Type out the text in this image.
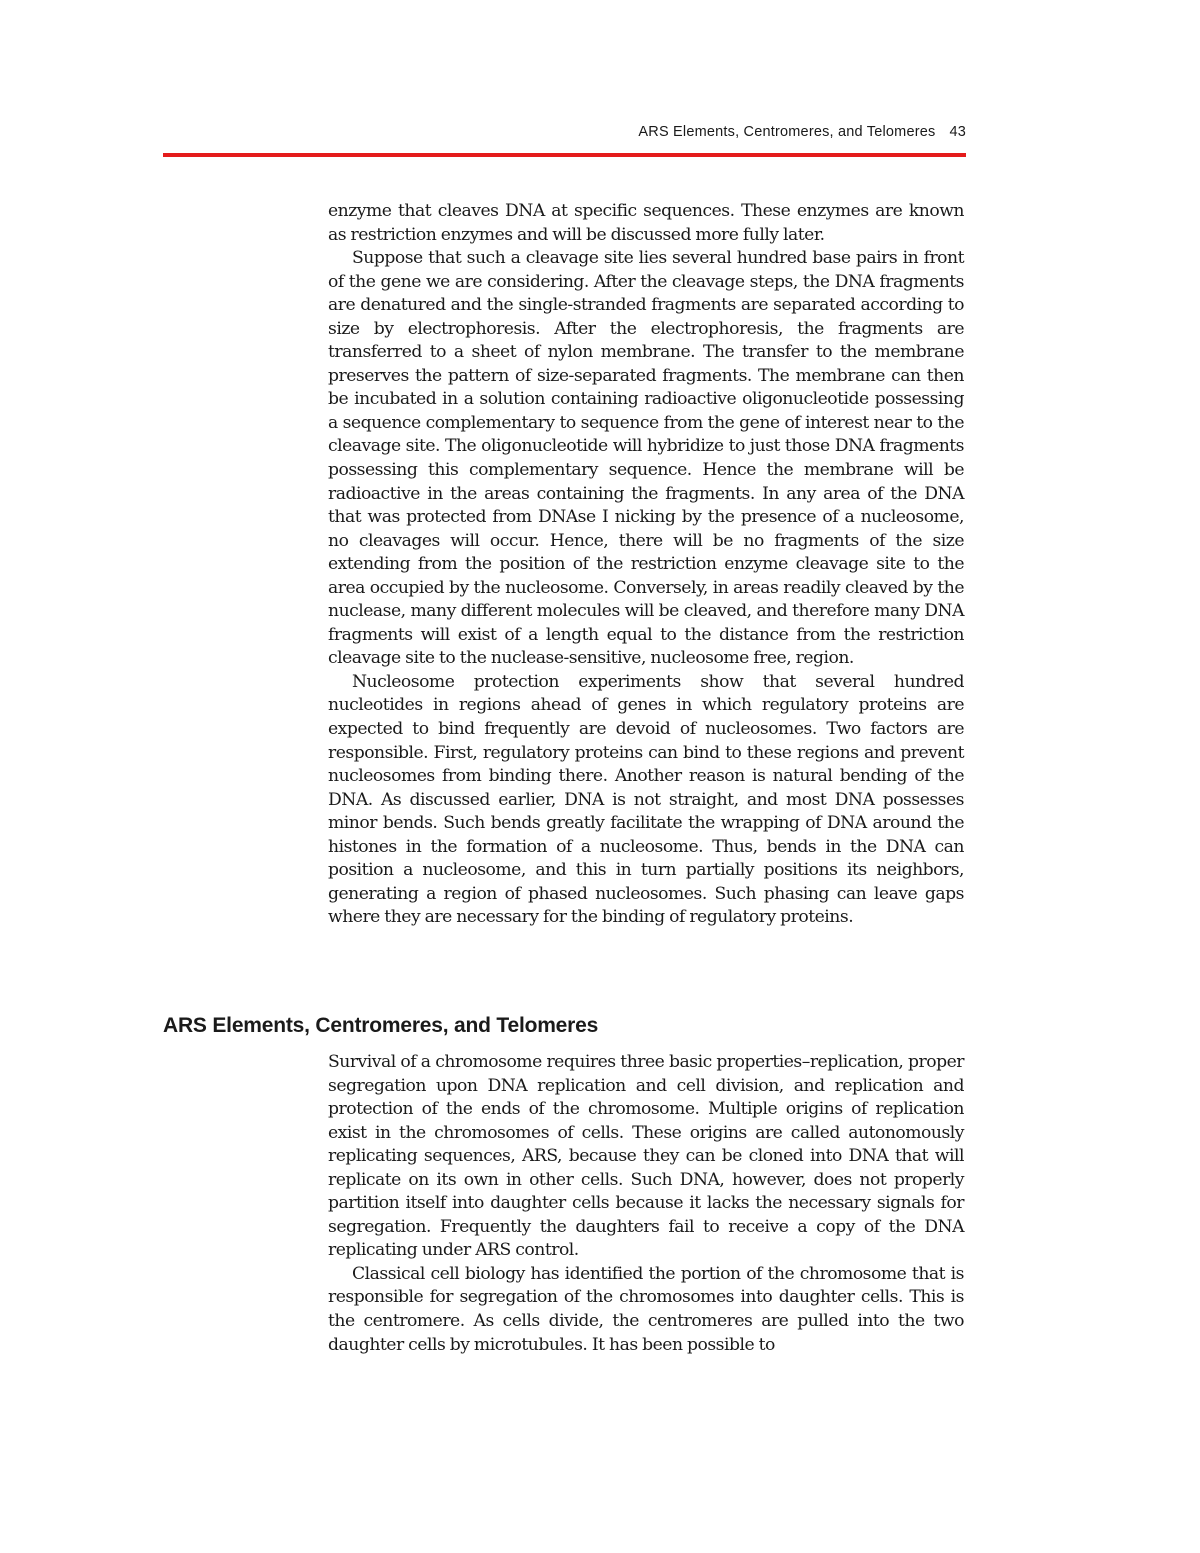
ARS Elements, Centromeres, and Telomeres 43

enzyme that cleaves DNA at specific sequences. These enzymes are known as restriction enzymes and will be discussed more fully later.

Suppose that such a cleavage site lies several hundred base pairs in front of the gene we are considering. After the cleavage steps, the DNA fragments are denatured and the single-stranded fragments are separated according to size by electrophoresis. After the electrophoresis, the fragments are transferred to a sheet of nylon membrane. The transfer to the membrane preserves the pattern of size-separated fragments. The membrane can then be incubated in a solution containing radioactive oligonucleotide possessing a sequence complementary to sequence from the gene of interest near to the cleavage site. The oligonucleotide will hybridize to just those DNA fragments possessing this complementary sequence. Hence the membrane will be radioactive in the areas containing the fragments. In any area of the DNA that was protected from DNAse I nicking by the presence of a nucleosome, no cleavages will occur. Hence, there will be no fragments of the size extending from the position of the restriction enzyme cleavage site to the area occupied by the nucleosome. Conversely, in areas readily cleaved by the nuclease, many different molecules will be cleaved, and therefore many DNA fragments will exist of a length equal to the distance from the restriction cleavage site to the nuclease-sensitive, nucleosome free, region.

Nucleosome protection experiments show that several hundred nucleotides in regions ahead of genes in which regulatory proteins are expected to bind frequently are devoid of nucleosomes. Two factors are responsible. First, regulatory proteins can bind to these regions and prevent nucleosomes from binding there. Another reason is natural bending of the DNA. As discussed earlier, DNA is not straight, and most DNA possesses minor bends. Such bends greatly facilitate the wrapping of DNA around the histones in the formation of a nucleosome. Thus, bends in the DNA can position a nucleosome, and this in turn partially positions its neighbors, generating a region of phased nucleosomes. Such phasing can leave gaps where they are necessary for the binding of regulatory proteins.

ARS Elements, Centromeres, and Telomeres

Survival of a chromosome requires three basic properties–replication, proper segregation upon DNA replication and cell division, and replication and protection of the ends of the chromosome. Multiple origins of replication exist in the chromosomes of cells. These origins are called autonomously replicating sequences, ARS, because they can be cloned into DNA that will replicate on its own in other cells. Such DNA, however, does not properly partition itself into daughter cells because it lacks the necessary signals for segregation. Frequently the daughters fail to receive a copy of the DNA replicating under ARS control.

Classical cell biology has identified the portion of the chromosome that is responsible for segregation of the chromosomes into daughter cells. This is the centromere. As cells divide, the centromeres are pulled into the two daughter cells by microtubules. It has been possible to
